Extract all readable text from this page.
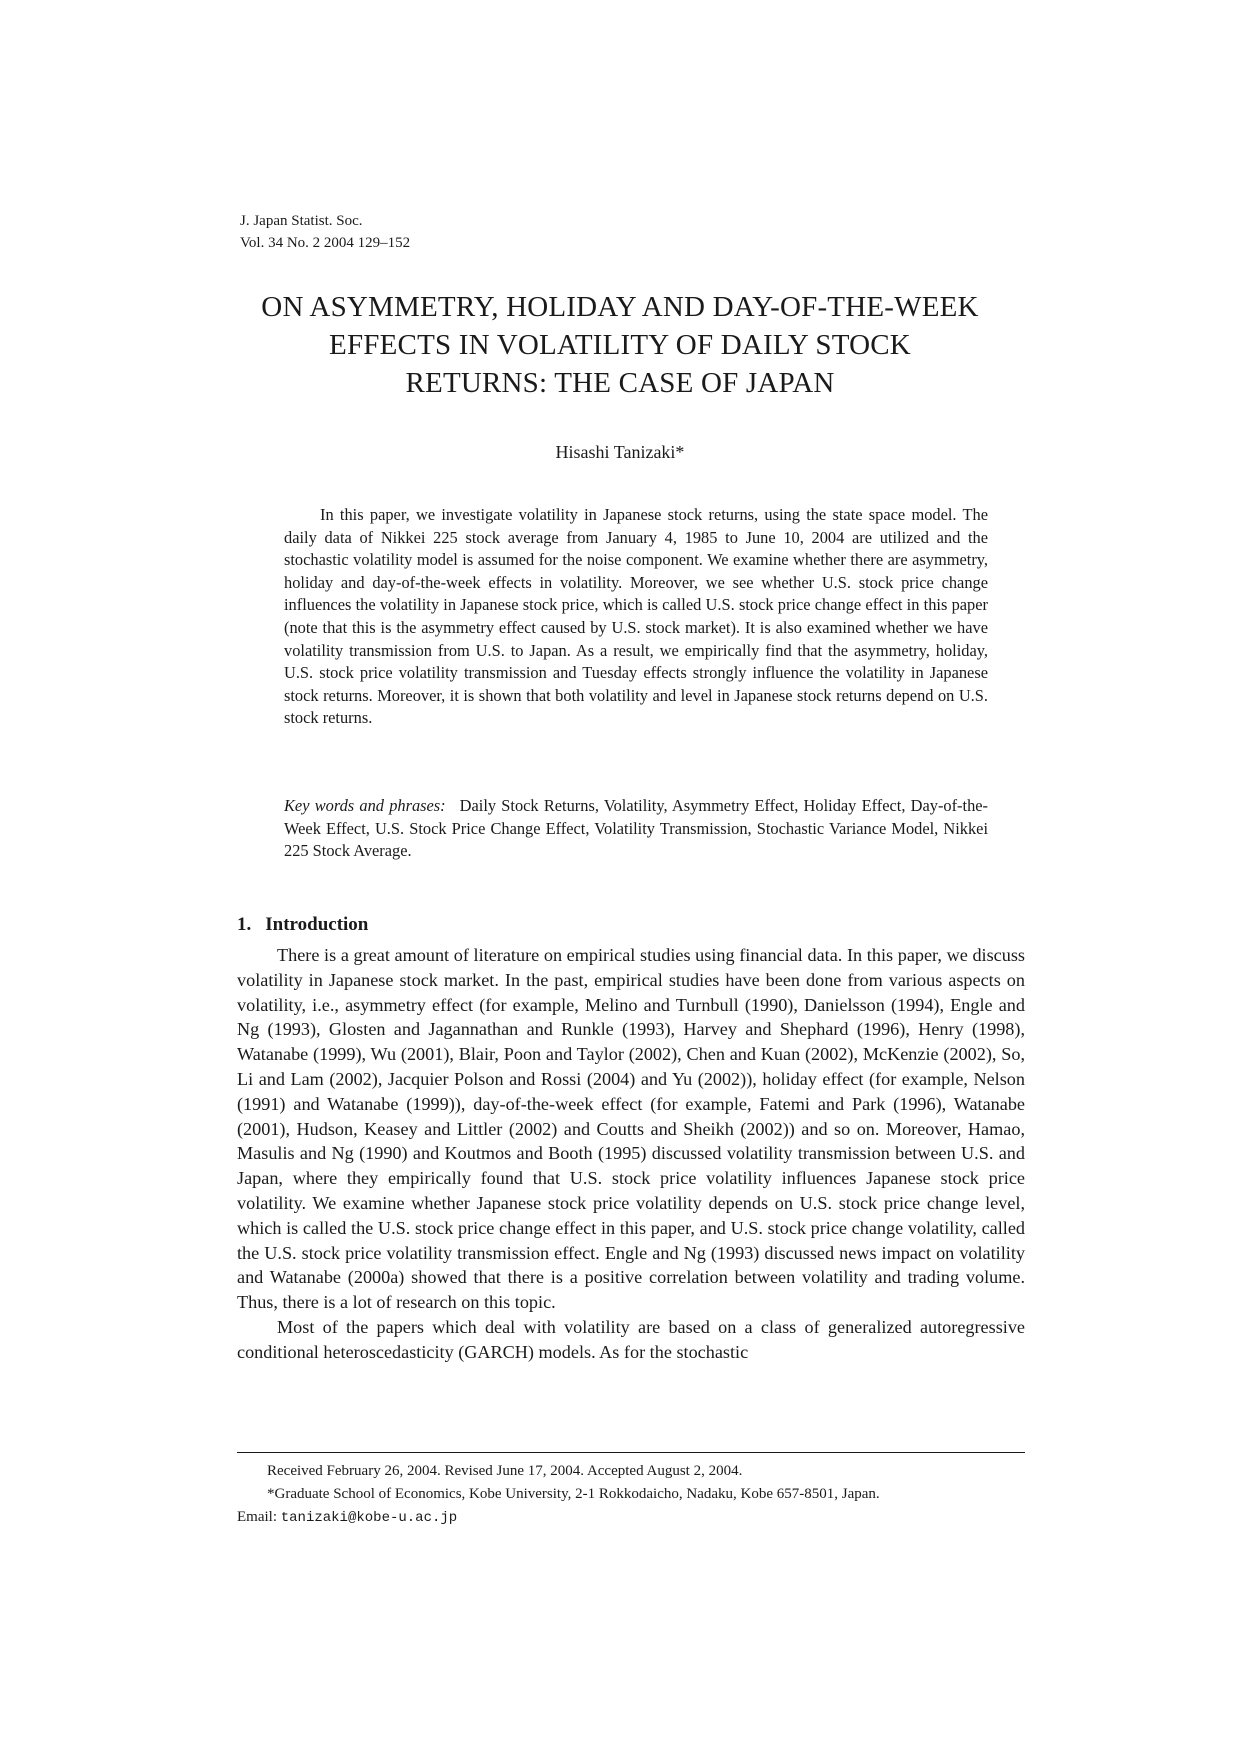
J. Japan Statist. Soc.
Vol. 34 No. 2 2004 129–152
ON ASYMMETRY, HOLIDAY AND DAY-OF-THE-WEEK
EFFECTS IN VOLATILITY OF DAILY STOCK
RETURNS: THE CASE OF JAPAN
Hisashi Tanizaki*

In this paper, we investigate volatility in Japanese stock returns, using the state space model. The daily data of Nikkei 225 stock average from January 4, 1985 to June 10, 2004 are utilized and the stochastic volatility model is assumed for the noise component. We examine whether there are asymmetry, holiday and day-of-the-week effects in volatility. Moreover, we see whether U.S. stock price change influences the volatility in Japanese stock price, which is called U.S. stock price change effect in this paper (note that this is the asymmetry effect caused by U.S. stock market). It is also examined whether we have volatility transmission from U.S. to Japan. As a result, we empirically find that the asymmetry, holiday, U.S. stock price volatility transmission and Tuesday effects strongly influence the volatility in Japanese stock returns. Moreover, it is shown that both volatility and level in Japanese stock returns depend on U.S. stock returns.

Key words and phrases: Daily Stock Returns, Volatility, Asymmetry Effect, Holiday Effect, Day-of-the-Week Effect, U.S. Stock Price Change Effect, Volatility Transmission, Stochastic Variance Model, Nikkei 225 Stock Average.
1. Introduction

There is a great amount of literature on empirical studies using financial data. In this paper, we discuss volatility in Japanese stock market. In the past, empirical studies have been done from various aspects on volatility, i.e., asymmetry effect (for example, Melino and Turnbull (1990), Danielsson (1994), Engle and Ng (1993), Glosten and Jagannathan and Runkle (1993), Harvey and Shephard (1996), Henry (1998), Watanabe (1999), Wu (2001), Blair, Poon and Taylor (2002), Chen and Kuan (2002), McKenzie (2002), So, Li and Lam (2002), Jacquier Polson and Rossi (2004) and Yu (2002)), holiday effect (for example, Nelson (1991) and Watanabe (1999)), day-of-the-week effect (for example, Fatemi and Park (1996), Watanabe (2001), Hudson, Keasey and Littler (2002) and Coutts and Sheikh (2002)) and so on. Moreover, Hamao, Masulis and Ng (1990) and Koutmos and Booth (1995) discussed volatility transmission between U.S. and Japan, where they empirically found that U.S. stock price volatility influences Japanese stock price volatility. We examine whether Japanese stock price volatility depends on U.S. stock price change level, which is called the U.S. stock price change effect in this paper, and U.S. stock price change volatility, called the U.S. stock price volatility transmission effect. Engle and Ng (1993) discussed news impact on volatility and Watanabe (2000a) showed that there is a positive correlation between volatility and trading volume. Thus, there is a lot of research on this topic.

Most of the papers which deal with volatility are based on a class of generalized autoregressive conditional heteroscedasticity (GARCH) models. As for the stochastic

Received February 26, 2004. Revised June 17, 2004. Accepted August 2, 2004.
*Graduate School of Economics, Kobe University, 2-1 Rokkodaicho, Nadaku, Kobe 657-8501, Japan.
Email: tanizaki@kobe-u.ac.jp
